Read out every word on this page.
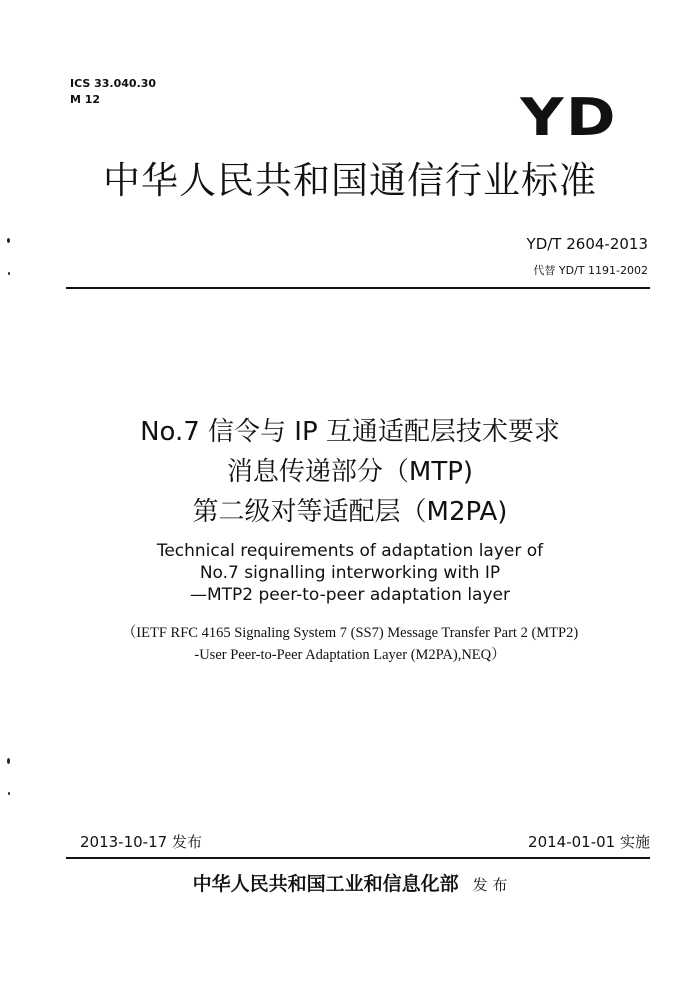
ICS 33.040.30
M 12	YD
中华人民共和国通信行业标准
YD/T 2604-2013
代替 YD/T 1191-2002
No.7 信令与 IP 互通适配层技术要求
消息传递部分（MTP)
第二级对等适配层（M2PA)
Technical requirements of adaptation layer of
No.7 signalling interworking with IP
—MTP2 peer-to-peer adaptation layer
（IETF RFC 4165 Signaling System 7 (SS7) Message Transfer Part 2 (MTP2)
-User Peer-to-Peer Adaptation Layer (M2PA),NEQ）
2013-10-17 发布	2014-01-01 实施
中华人民共和国工业和信息化部 发 布
